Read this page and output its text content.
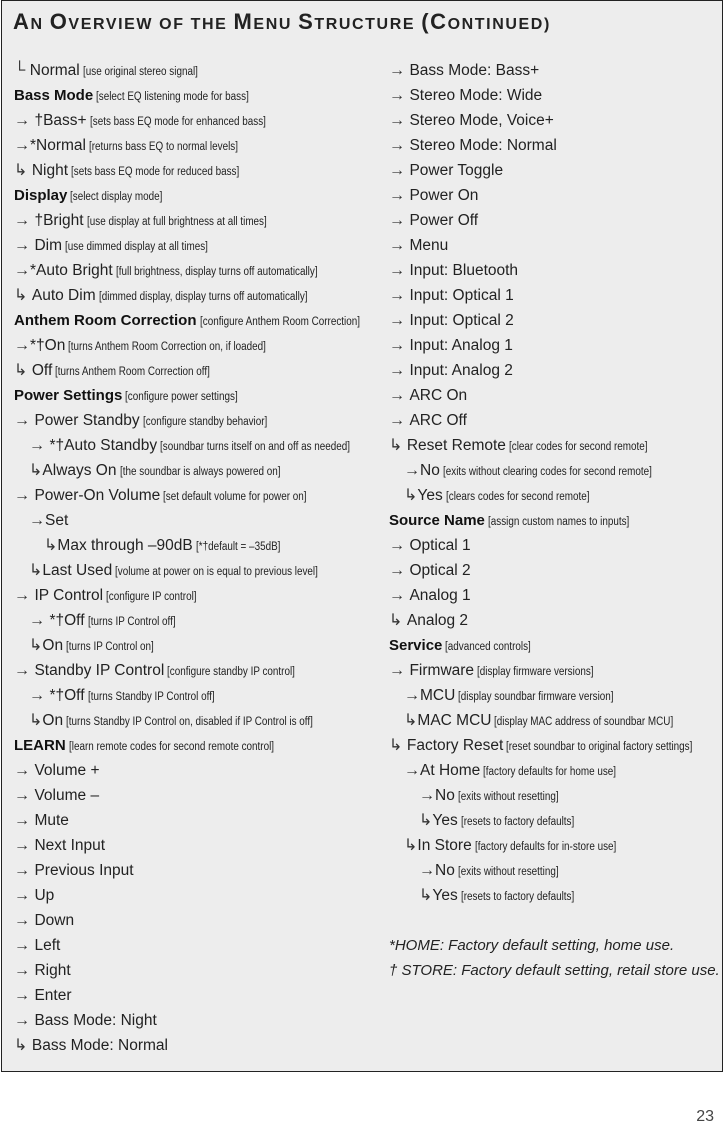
AN OVERVIEW OF THE MENU STRUCTURE (CONTINUED)
└ Normal [use original stereo signal]
Bass Mode [select EQ listening mode for bass]
→ †Bass+ [sets bass EQ mode for enhanced bass]
→*Normal [returns bass EQ to normal levels]
↳ Night [sets bass EQ mode for reduced bass]
Display [select display mode]
→ †Bright [use display at full brightness at all times]
→ Dim [use dimmed display at all times]
→*Auto Bright [full brightness, display turns off automatically]
↳ Auto Dim [dimmed display, display turns off automatically]
Anthem Room Correction [configure Anthem Room Correction]
→*†On [turns Anthem Room Correction on, if loaded]
↳ Off [turns Anthem Room Correction off]
Power Settings [configure power settings]
→ Power Standby [configure standby behavior]
→ *†Auto Standby [soundbar turns itself on and off as needed]
↳Always On [the soundbar is always powered on]
→ Power-On Volume [set default volume for power on]
→Set
↳Max through –90dB [*†default = –35dB]
↳Last Used [volume at power on is equal to previous level]
→ IP Control [configure IP control]
→ *†Off [turns IP Control off]
↳On [turns IP Control on]
→ Standby IP Control [configure standby IP control]
→ *†Off [turns Standby IP Control off]
↳On [turns Standby IP Control on, disabled if IP Control is off]
LEARN [learn remote codes for second remote control]
→ Volume +
→ Volume –
→ Mute
→ Next Input
→ Previous Input
→ Up
→ Down
→ Left
→ Right
→ Enter
→ Bass Mode: Night
↳ Bass Mode: Normal
→ Bass Mode: Bass+
→ Stereo Mode: Wide
→ Stereo Mode, Voice+
→ Stereo Mode: Normal
→ Power Toggle
→ Power On
→ Power Off
→ Menu
→ Input: Bluetooth
→ Input: Optical 1
→ Input: Optical 2
→ Input: Analog 1
→ Input: Analog 2
→ ARC On
→ ARC Off
↳ Reset Remote [clear codes for second remote]
→No [exits without clearing codes for second remote]
↳Yes [clears codes for second remote]
Source Name [assign custom names to inputs]
→ Optical 1
→ Optical 2
→ Analog 1
↳ Analog 2
Service [advanced controls]
→ Firmware [display firmware versions]
→MCU [display soundbar firmware version]
↳MAC MCU [display MAC address of soundbar MCU]
↳ Factory Reset [reset soundbar to original factory settings]
→At Home [factory defaults for home use]
→No [exits without resetting]
↳Yes [resets to factory defaults]
↳In Store [factory defaults for in-store use]
→No [exits without resetting]
↳Yes [resets to factory defaults]
*HOME: Factory default setting, home use.
† STORE: Factory default setting, retail store use.
23
